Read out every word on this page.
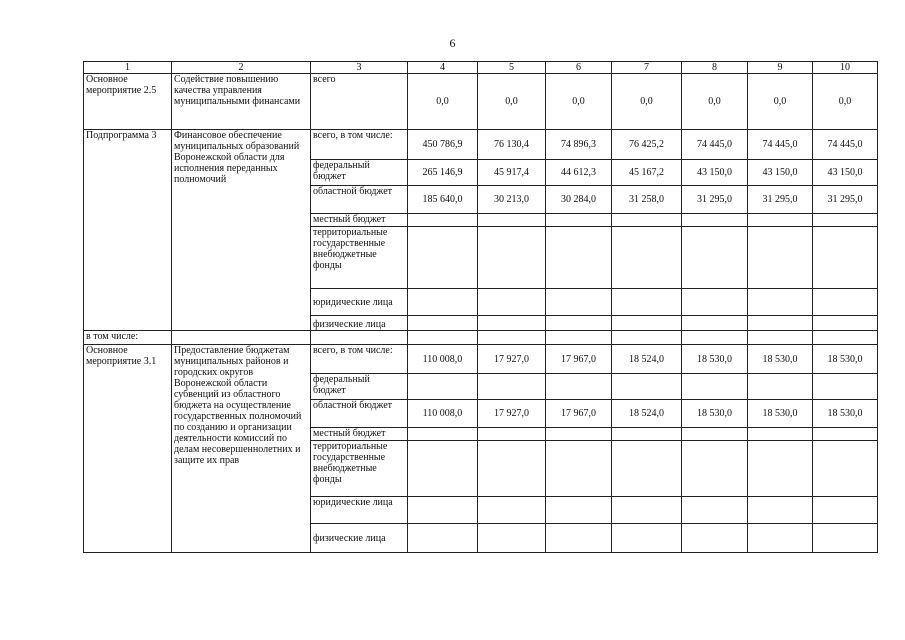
6
1	2	3	4	5	6	7	8	9	10
Основное мероприятие 2.5	Содействие повышению качества управления муниципальными финансами	всего	0,0	0,0	0,0	0,0	0,0	0,0	0,0
Подпрограмма 3	Финансовое обеспечение муниципальных образований Воронежской области для исполнения переданных полномочий	всего, в том числе:	450 786,9	76 130,4	74 896,3	76 425,2	74 445,0	74 445,0	74 445,0
		федеральный бюджет	265 146,9	45 917,4	44 612,3	45 167,2	43 150,0	43 150,0	43 150,0
		областной бюджет	185 640,0	30 213,0	30 284,0	31 258,0	31 295,0	31 295,0	31 295,0
		местный бюджет							
		территориальные государственные внебюджетные фонды							
		юридические лица							
		физические лица							
в том числе:									
Основное мероприятие 3.1	Предоставление бюджетам муниципальных районов и городских округов Воронежской области субвенций из областного бюджета на осуществление государственных полномочий по созданию и организации деятельности комиссий по делам несовершеннолетних и защите их прав	всего, в том числе:	110 008,0	17 927,0	17 967,0	18 524,0	18 530,0	18 530,0	18 530,0
		федеральный бюджет							
		областной бюджет	110 008,0	17 927,0	17 967,0	18 524,0	18 530,0	18 530,0	18 530,0
		местный бюджет							
		территориальные государственные внебюджетные фонды							
		юридические лица							
		физические лица							
